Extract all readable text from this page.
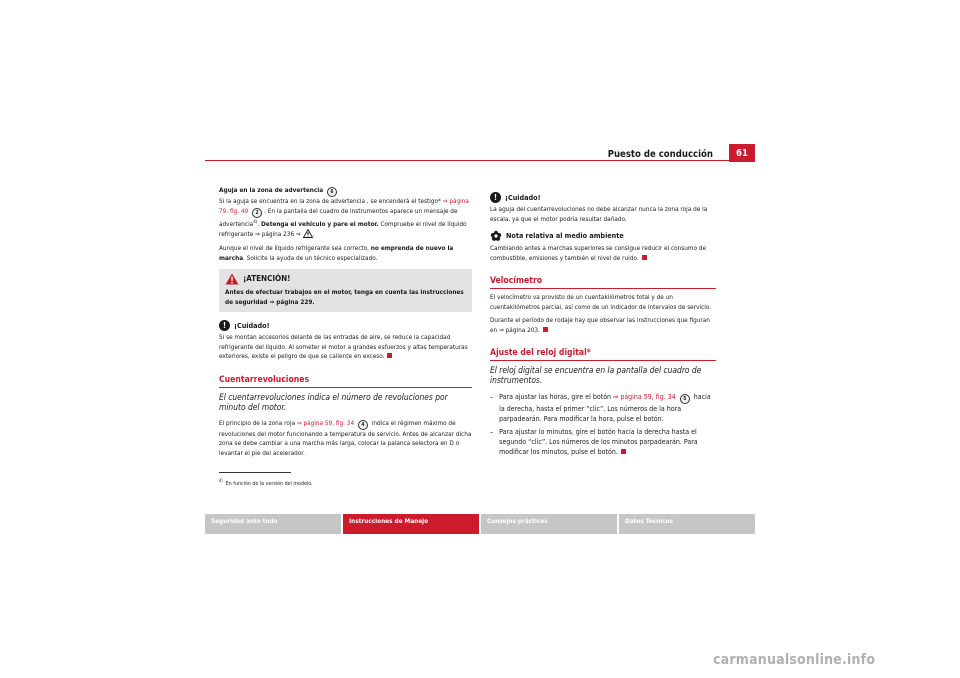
Puesto de conducción	61

Aguja en la zona de advertencia 6
Si la aguja se encuentra en la zona de advertencia , se encenderá el testigo* ⇒ página 79, fig. 49 2 . En la pantalla del cuadro de instrumentos aparece un mensaje de advertencia$^{4)}$. Detenga el vehículo y pare el motor. Compruebe el nivel de líquido refrigerante ⇒ página 236 ⇒ .

Aunque el nivel de líquido refrigerante sea correcto, no emprenda de nuevo la marcha. Solicite la ayuda de un técnico especializado.

¡ATENCIÓN!
Antes de efectuar trabajos en el motor, tenga en cuenta las instrucciones de seguridad ⇒ página 229.
!	¡Cuidado!

Si se montan accesorios delante de las entradas de aire, se reduce la capacidad refrigerante del líquido. Al someter el motor a grandes esfuerzos y altas temperaturas exteriores, existe el peligro de que se caliente en exceso.

Cuentarrevoluciones
El cuentarrevoluciones indica el número de revoluciones por minuto del motor.

El principio de la zona roja ⇒ página 59, fig. 34 4 indica el régimen máximo de revoluciones del motor funcionando a temperatura de servicio. Antes de alcanzar dicha zona se debe cambiar a una marcha más larga, colocar la palanca selectora en D o levantar el pie del acelerador.

$^{4)}$  En función de la versión del modelo.
!	¡Cuidado!

La aguja del cuentarrevoluciones no debe alcanzar nunca la zona roja de la escala, ya que el motor podría resultar dañado.

Nota relativa al medio ambiente

Cambiando antes a marchas superiores se consigue reducir el consumo de combustible, emisiones y también el nivel de ruido.

Velocímetro

El velocímetro va provisto de un cuentakilómetros total y de un cuentakilómetros parcial, así como de un indicador de intervalos de servicio.

Durante el período de rodaje hay que observar las instrucciones que figuran en ⇒ página 203.

Ajuste del reloj digital*
El reloj digital se encuentra en la pantalla del cuadro de instrumentos.
– Para ajustar las horas, gire el botón ⇒ página 59, fig. 34 5 hacia la derecha, hasta el primer “clic”. Los números de la hora parpadearán. Para modificar la hora, pulse el botón.
– Para ajustar lo minutos, gire el botón hacia la derecha hasta el segundo “clic”. Los números de los minutos parpadearán. Para modificar los minutos, pulse el botón.
Seguridad ante todo	Instrucciones de Manejo	Consejos prácticos	Datos Técnicos
carmanualsonline.info
